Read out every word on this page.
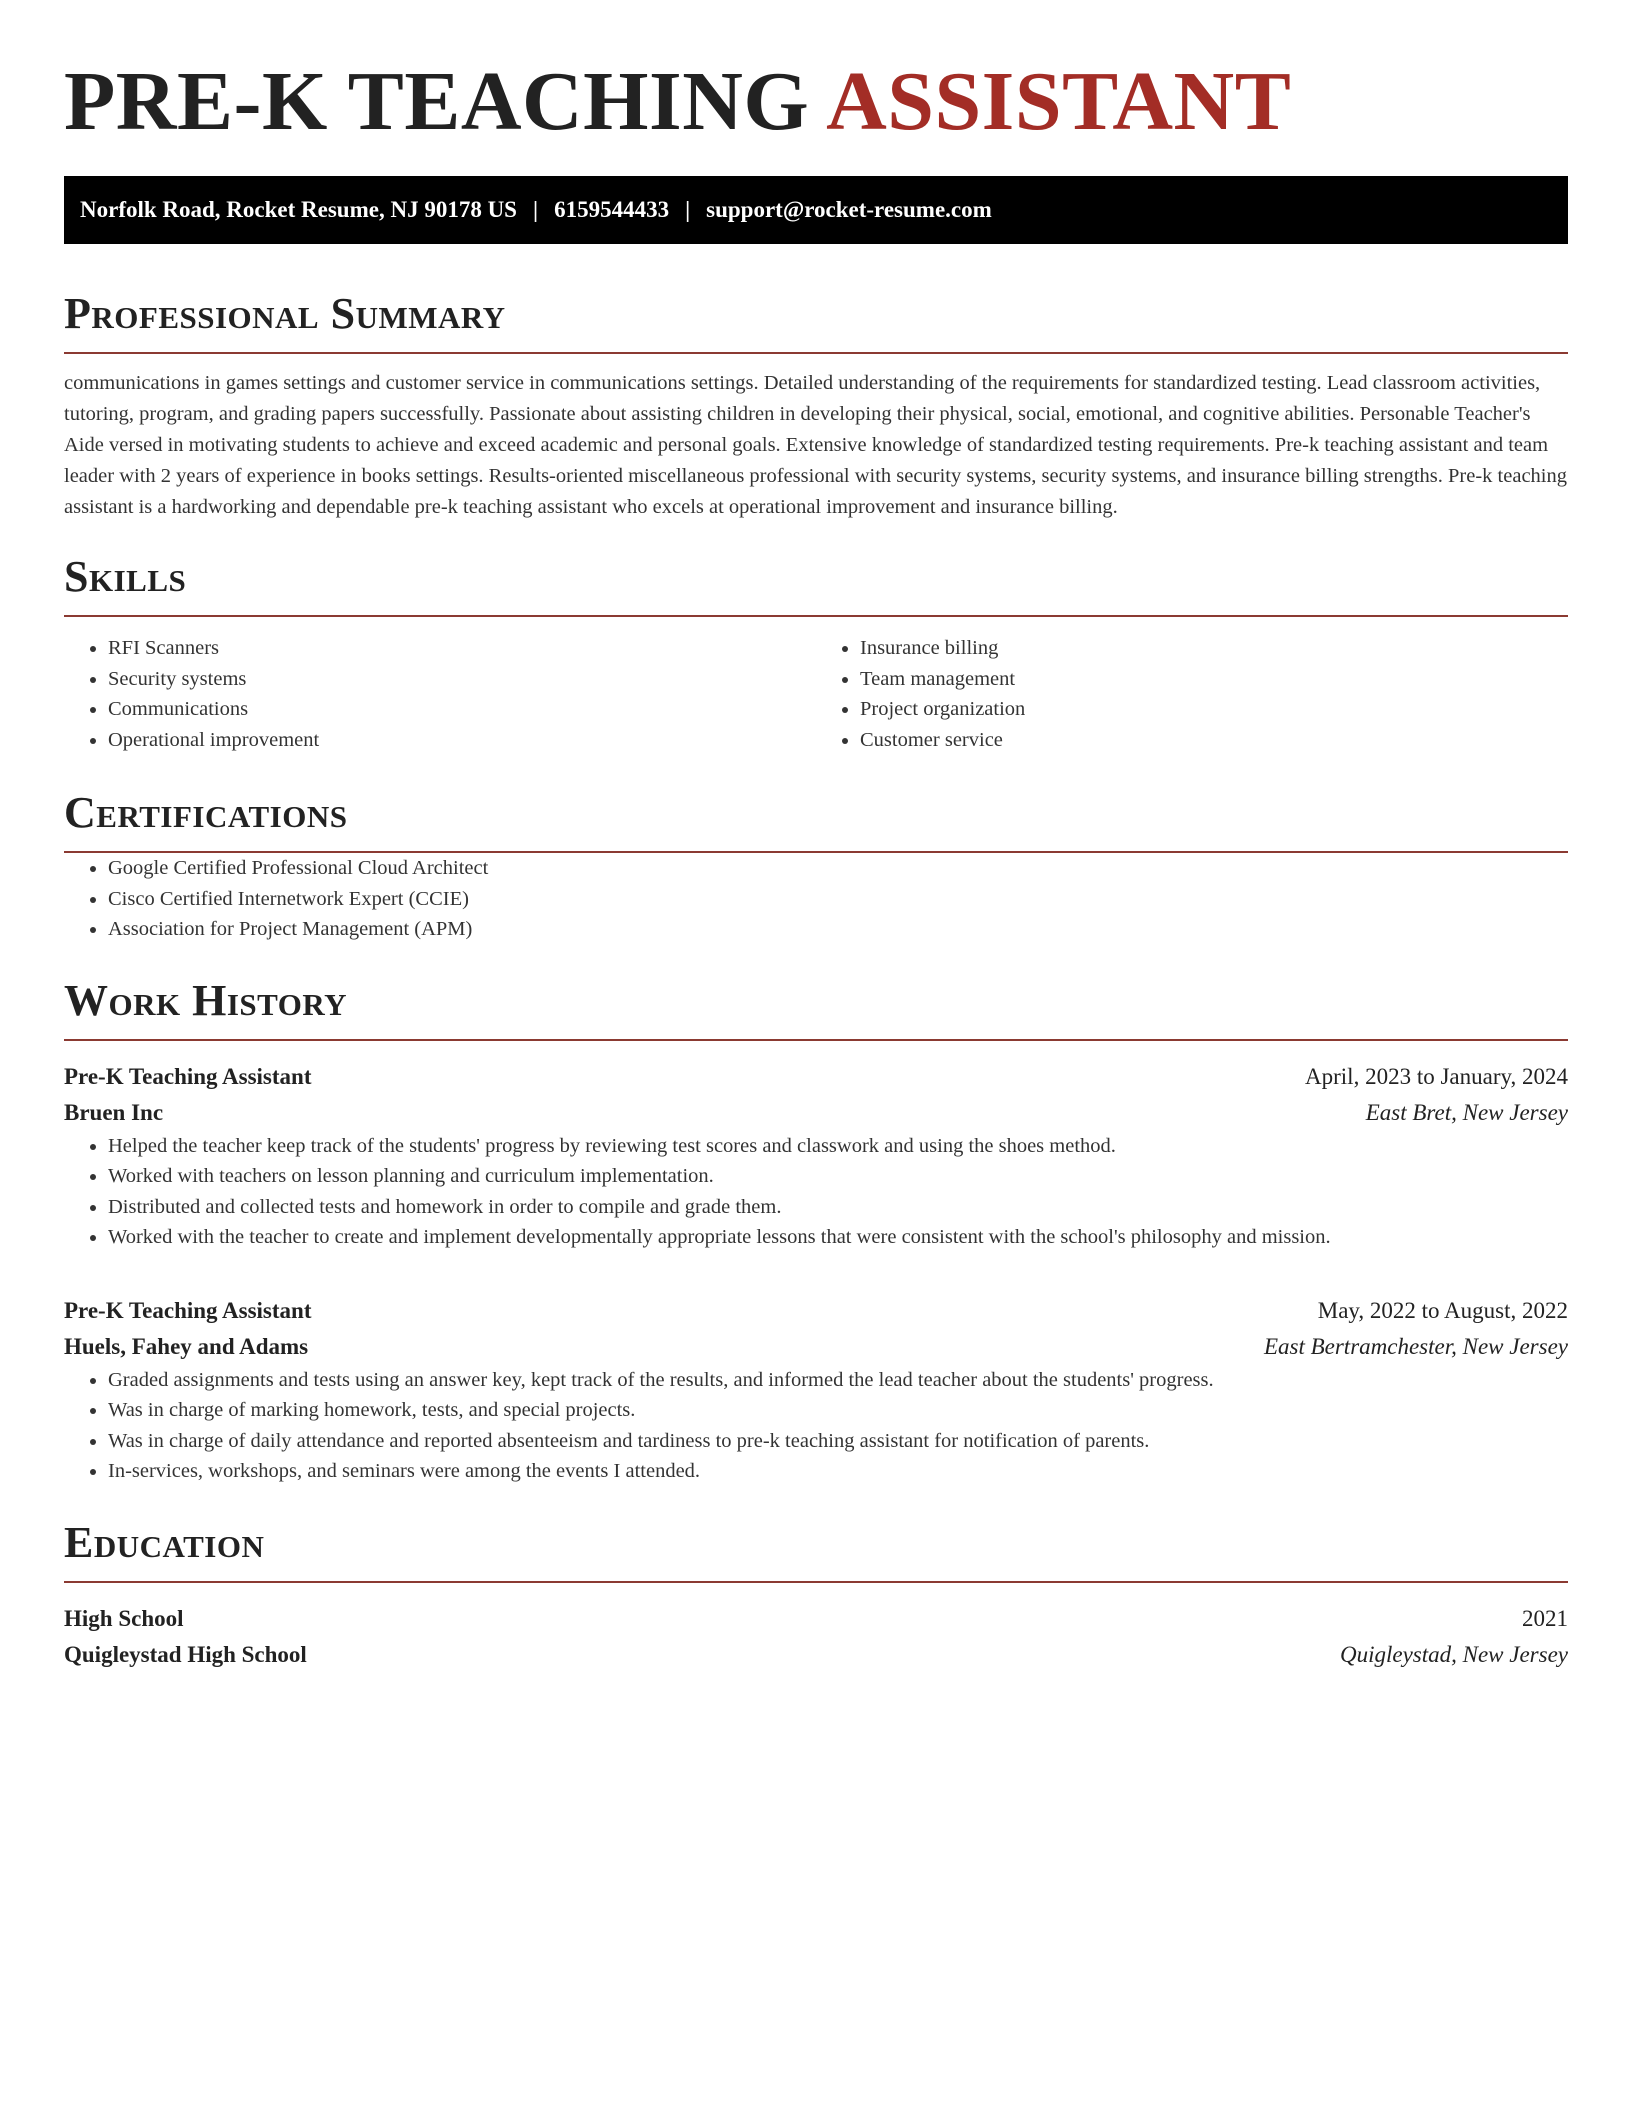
PRE-K TEACHING ASSISTANT
Norfolk Road, Rocket Resume, NJ 90178 US | 6159544433 | support@rocket-resume.com
Professional Summary

communications in games settings and customer service in communications settings. Detailed understanding of the requirements for standardized testing. Lead classroom activities, tutoring, program, and grading papers successfully. Passionate about assisting children in developing their physical, social, emotional, and cognitive abilities. Personable Teacher's Aide versed in motivating students to achieve and exceed academic and personal goals. Extensive knowledge of standardized testing requirements. Pre-k teaching assistant and team leader with 2 years of experience in books settings. Results-oriented miscellaneous professional with security systems, security systems, and insurance billing strengths. Pre-k teaching assistant is a hardworking and dependable pre-k teaching assistant who excels at operational improvement and insurance billing.

Skills
• RFI Scanners
• Security systems
• Communications
• Operational improvement
• Insurance billing
• Team management
• Project organization
• Customer service
Certifications
• Google Certified Professional Cloud Architect
• Cisco Certified Internetwork Expert (CCIE)
• Association for Project Management (APM)
Work History
Pre-K Teaching Assistant	April, 2023 to January, 2024
Bruen Inc	East Bret, New Jersey
• Helped the teacher keep track of the students' progress by reviewing test scores and classwork and using the shoes method.
• Worked with teachers on lesson planning and curriculum implementation.
• Distributed and collected tests and homework in order to compile and grade them.
• Worked with the teacher to create and implement developmentally appropriate lessons that were consistent with the school's philosophy and mission.
Pre-K Teaching Assistant	May, 2022 to August, 2022
Huels, Fahey and Adams	East Bertramchester, New Jersey
• Graded assignments and tests using an answer key, kept track of the results, and informed the lead teacher about the students' progress.
• Was in charge of marking homework, tests, and special projects.
• Was in charge of daily attendance and reported absenteeism and tardiness to pre-k teaching assistant for notification of parents.
• In-services, workshops, and seminars were among the events I attended.
Education
High School	2021
Quigleystad High School	Quigleystad, New Jersey
